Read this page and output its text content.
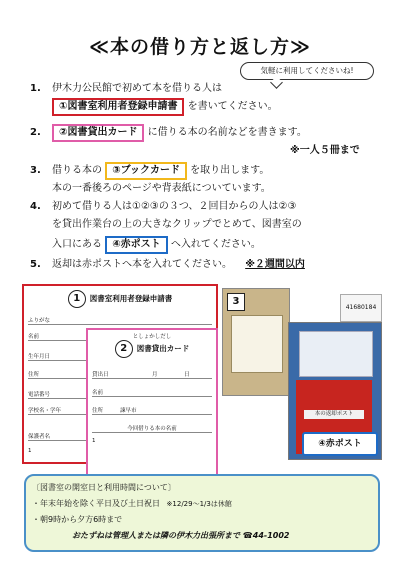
≪本の借り方と返し方≫
気軽に利用してくださいね!
1. 伊木力公民館で初めて本を借りる人は
①図書室利用者登録申請書 を書いてください。
2. ②図書貸出カード に借りる本の名前などを書きます。
※一人５冊まで
3. 借りる本の ③ブックカード を取り出します。
本の一番後ろのページや背表紙についています。
4. 初めて借りる人は①②③の３つ、２回目からの人は②③
を貸出作業台の上の大きなクリップでとめて、図書室の
入口にある ④赤ポスト へ入れてください。
5. 返却は赤ポストへ本を入れてください。 ※２週間以内
1 図書室利用者登録申請書
ふりがな
名前
生年月日
住所
電話番号
学校名・学年
保護者名
1
としょかしだし
2 図書貸出カード
貸出日	月	日
名前
住所	諫早市
今回借りる本の名前
1
3
41680184
本の返却ポスト
④赤ポスト
〔図書室の開室日と利用時間について〕
・年末年始を除く平日及び土日祝日 ※12/29～1/3は休館
・朝9時から夕方6時まで
おたずねは管理人または隣の伊木力出張所まで ☎44-1002
